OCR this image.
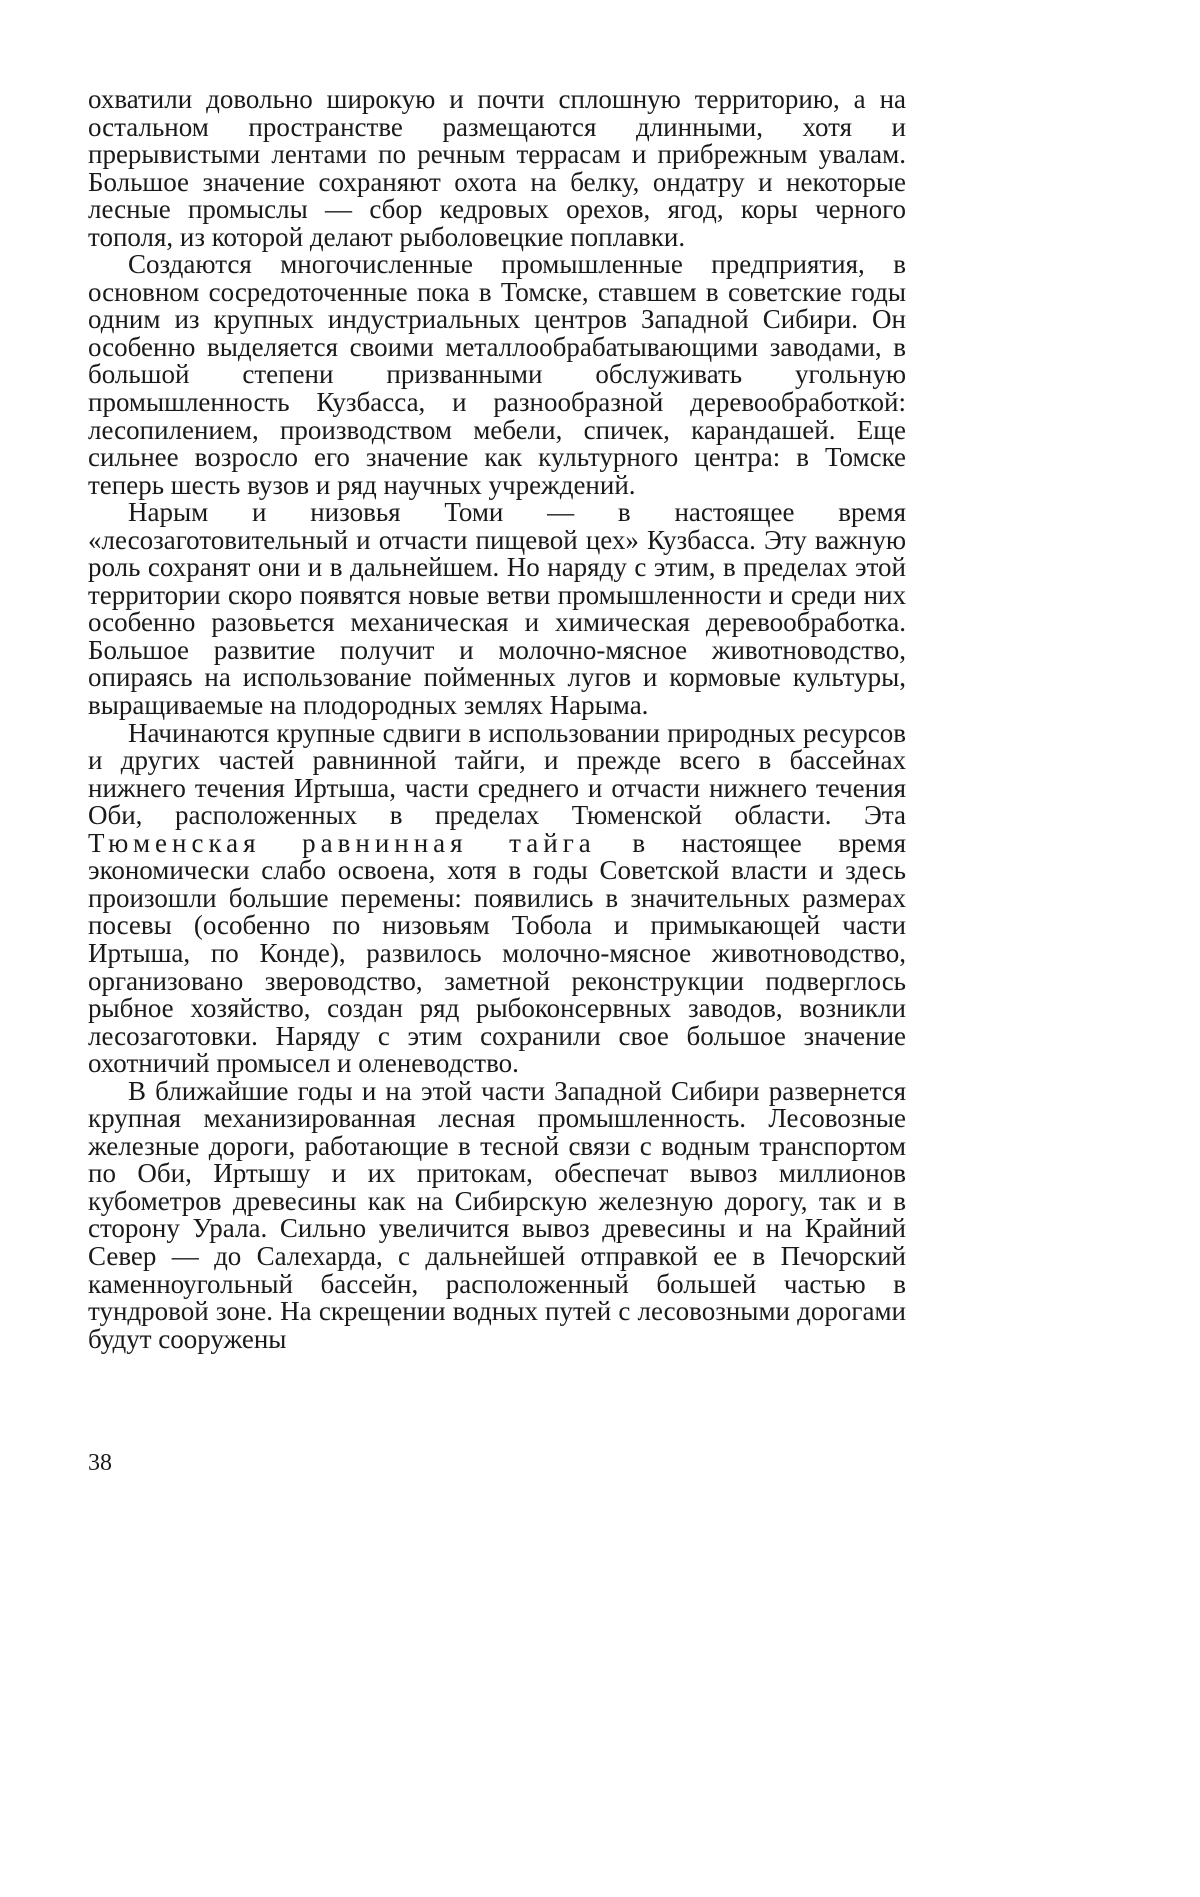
охватили довольно широкую и почти сплошную территорию, а на остальном пространстве размещаются длинными, хотя и прерывистыми лентами по речным террасам и прибрежным увалам. Большое значение сохраняют охота на белку, ондатру и некоторые лесные промыслы — сбор кедровых орехов, ягод, коры черного тополя, из которой делают рыболовецкие поплавки.

Создаются многочисленные промышленные предприятия, в основном сосредоточенные пока в Томске, ставшем в советские годы одним из крупных индустриальных центров Западной Сибири. Он особенно выделяется своими металлообрабатывающими заводами, в большой степени призванными обслуживать угольную промышленность Кузбасса, и разнообразной деревообработкой: лесопилением, производством мебели, спичек, карандашей. Еще сильнее возросло его значение как культурного центра: в Томске теперь шесть вузов и ряд научных учреждений.

Нарым и низовья Томи — в настоящее время «лесозаготовительный и отчасти пищевой цех» Кузбасса. Эту важную роль сохранят они и в дальнейшем. Но наряду с этим, в пределах этой территории скоро появятся новые ветви промышленности и среди них особенно разовьется механическая и химическая деревообработка. Большое развитие получит и молочно-мясное животноводство, опираясь на использование пойменных лугов и кормовые культуры, выращиваемые на плодородных землях Нарыма.

Начинаются крупные сдвиги в использовании природных ресурсов и других частей равнинной тайги, и прежде всего в бассейнах нижнего течения Иртыша, части среднего и отчасти нижнего течения Оби, расположенных в пределах Тюменской области. Эта Тюменская равнинная тайга в настоящее время экономически слабо освоена, хотя в годы Советской власти и здесь произошли большие перемены: появились в значительных размерах посевы (особенно по низовьям Тобола и примыкающей части Иртыша, по Конде), развилось молочно-мясное животноводство, организовано звероводство, заметной реконструкции подверглось рыбное хозяйство, создан ряд рыбоконсервных заводов, возникли лесозаготовки. Наряду с этим сохранили свое большое значение охотничий промысел и оленеводство.

В ближайшие годы и на этой части Западной Сибири развернется крупная механизированная лесная промышленность. Лесовозные железные дороги, работающие в тесной связи с водным транспортом по Оби, Иртышу и их притокам, обеспечат вывоз миллионов кубометров древесины как на Сибирскую железную дорогу, так и в сторону Урала. Сильно увеличится вывоз древесины и на Крайний Север — до Салехарда, с дальнейшей отправкой ее в Печорский каменноугольный бассейн, расположенный большей частью в тундровой зоне. На скрещении водных путей с лесовозными дорогами будут сооружены

38
